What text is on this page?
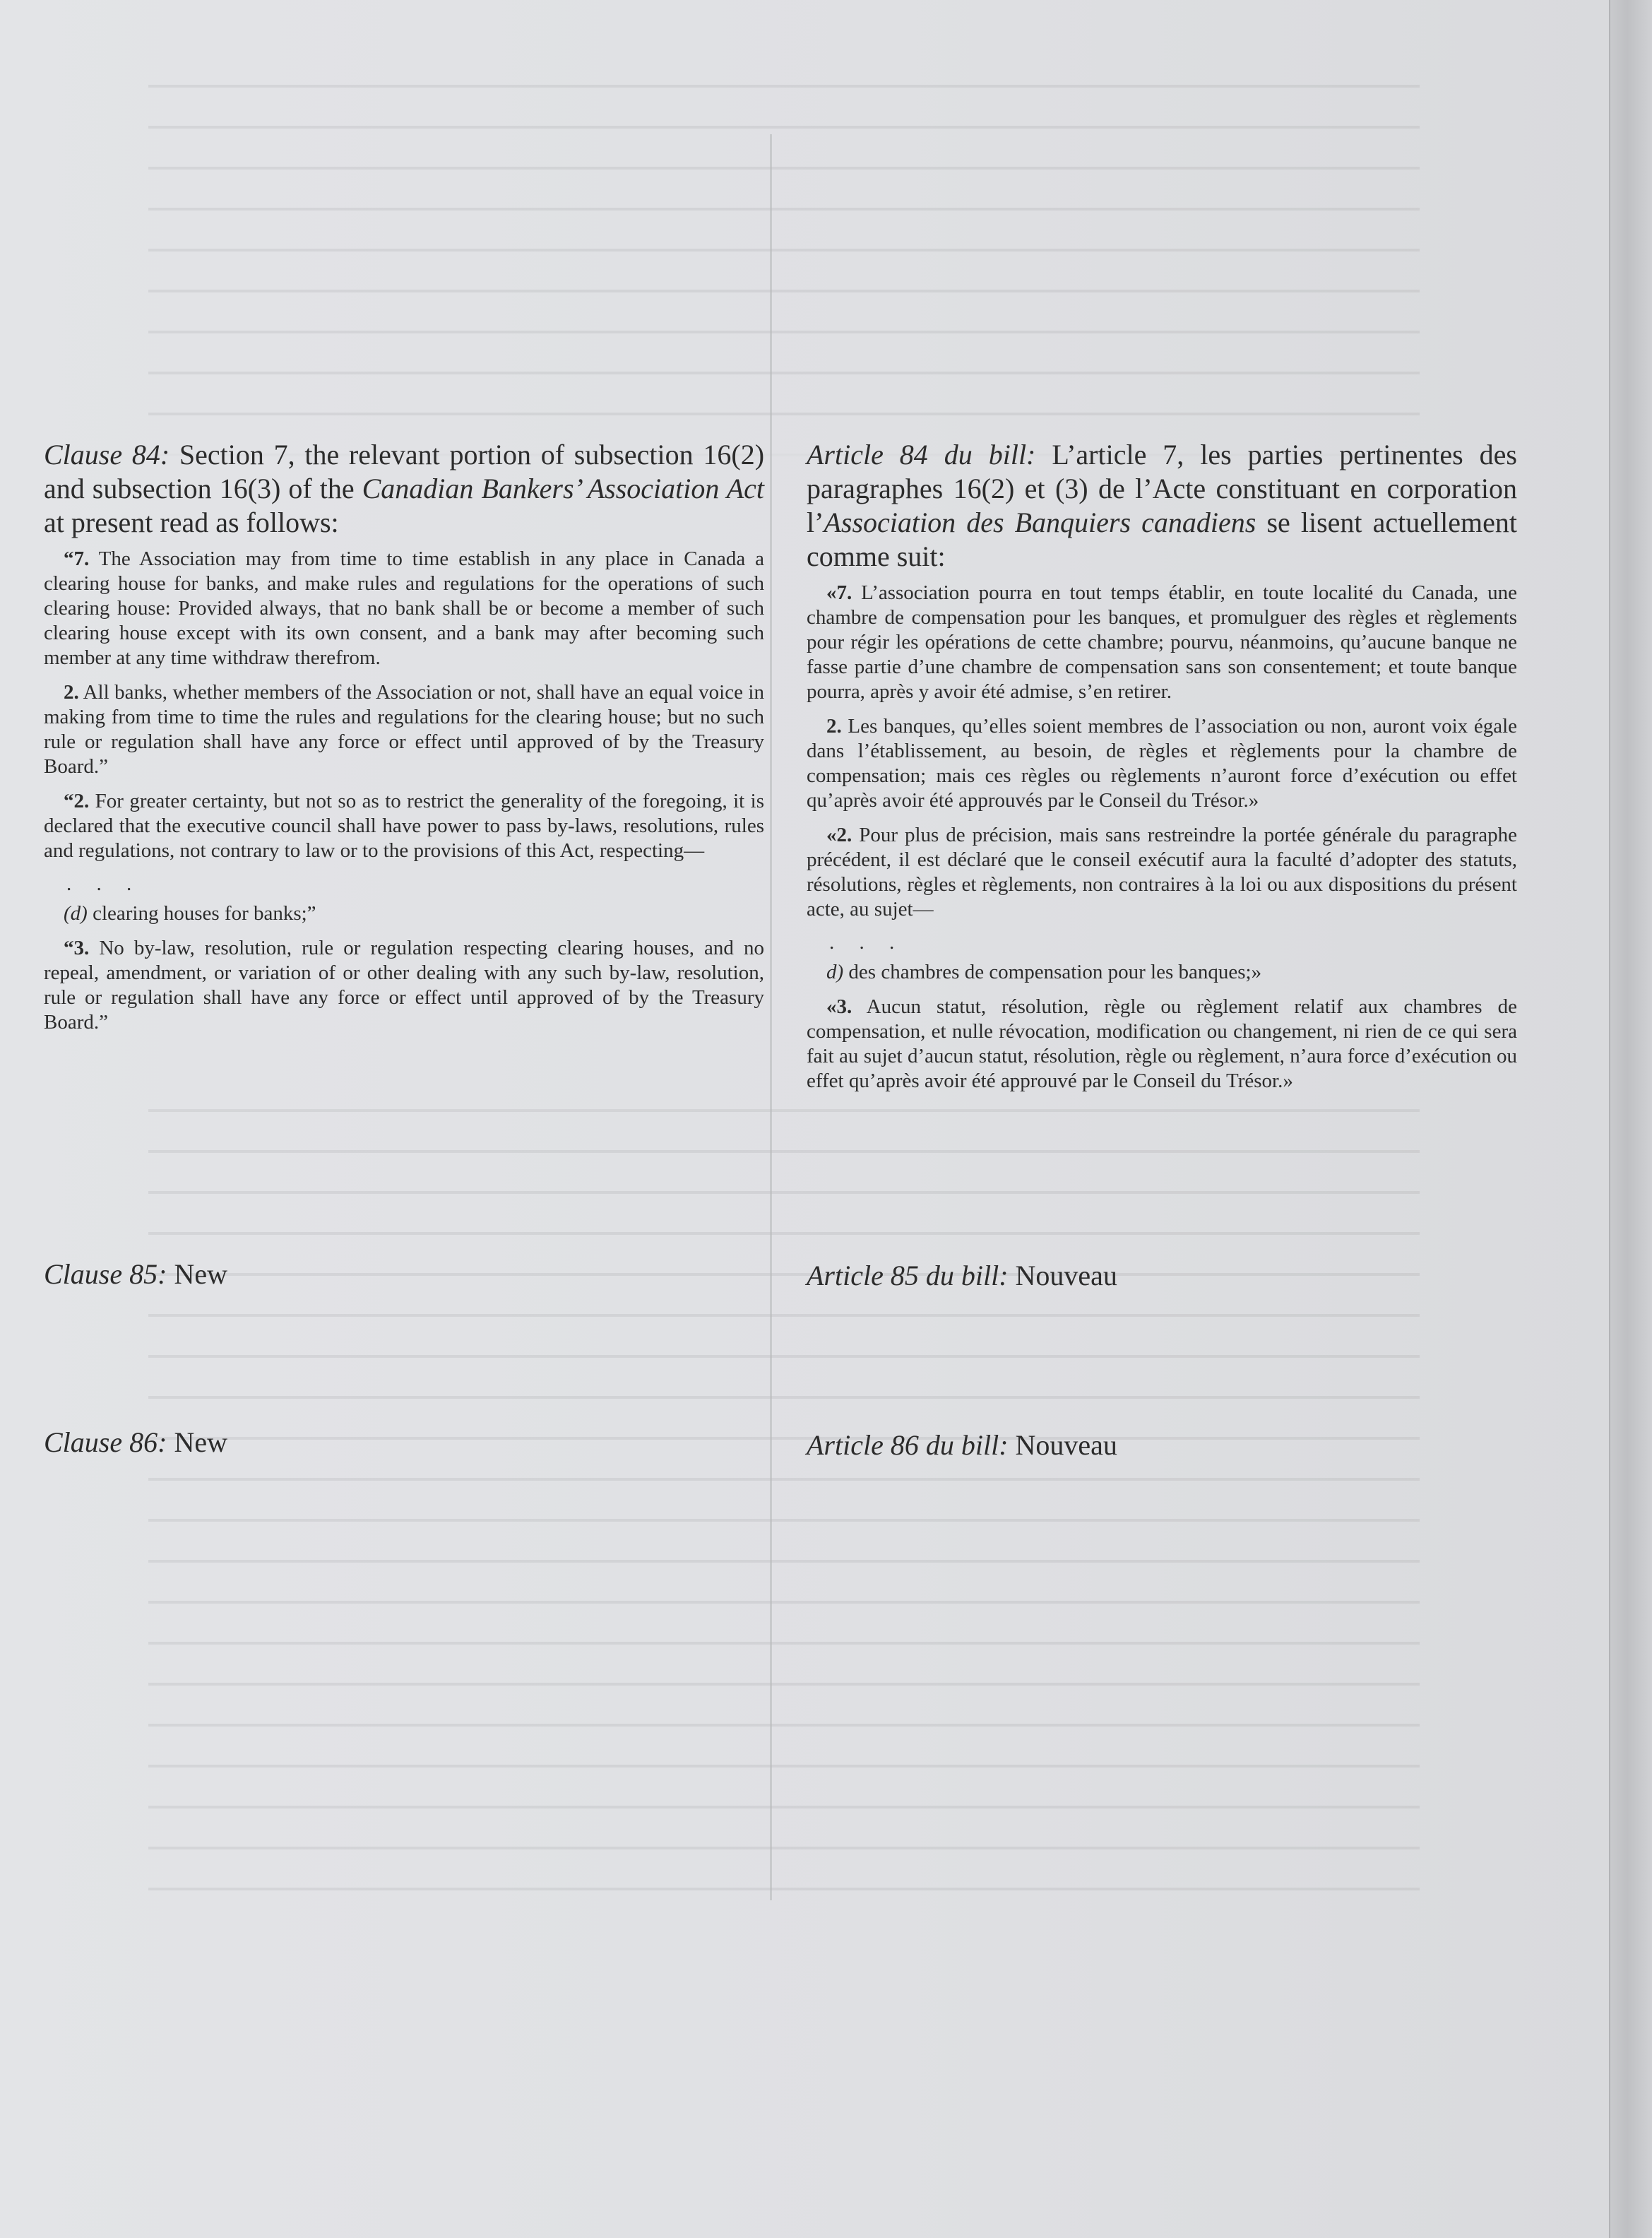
Clause 84: Section 7, the relevant portion of subsection 16(2) and subsection 16(3) of the Canadian Bankers’ Association Act at present read as follows:

“7. The Association may from time to time establish in any place in Canada a clearing house for banks, and make rules and regulations for the operations of such clearing house: Provided always, that no bank shall be or become a member of such clearing house except with its own consent, and a bank may after becoming such member at any time withdraw therefrom.

2. All banks, whether members of the Association or not, shall have an equal voice in making from time to time the rules and regulations for the clearing house; but no such rule or regulation shall have any force or effect until approved of by the Treasury Board.”

“2. For greater certainty, but not so as to restrict the generality of the foregoing, it is declared that the executive council shall have power to pass by-laws, resolutions, rules and regulations, not contrary to law or to the provisions of this Act, respecting—

. . .

(d) clearing houses for banks;”

“3. No by-law, resolution, rule or regulation respecting clearing houses, and no repeal, amendment, or variation of or other dealing with any such by-law, resolution, rule or regulation shall have any force or effect until approved of by the Treasury Board.”

Article 84 du bill: L’article 7, les parties pertinentes des paragraphes 16(2) et (3) de l’Acte constituant en corporation l’Association des Banquiers canadiens se lisent actuellement comme suit:

«7. L’association pourra en tout temps établir, en toute localité du Canada, une chambre de compensation pour les banques, et promulguer des règles et règlements pour régir les opérations de cette chambre; pourvu, néanmoins, qu’aucune banque ne fasse partie d’une chambre de compensation sans son consentement; et toute banque pourra, après y avoir été admise, s’en retirer.

2. Les banques, qu’elles soient membres de l’association ou non, auront voix égale dans l’établissement, au besoin, de règles et règlements pour la chambre de compensation; mais ces règles ou règlements n’auront force d’exécution ou effet qu’après avoir été approuvés par le Conseil du Trésor.»

«2. Pour plus de précision, mais sans restreindre la portée générale du paragraphe précédent, il est déclaré que le conseil exécutif aura la faculté d’adopter des statuts, résolutions, règles et règlements, non contraires à la loi ou aux dispositions du présent acte, au sujet—

. . .

d) des chambres de compensation pour les banques;»

«3. Aucun statut, résolution, règle ou règlement relatif aux chambres de compensation, et nulle révocation, modification ou changement, ni rien de ce qui sera fait au sujet d’aucun statut, résolution, règle ou règlement, n’aura force d’exécution ou effet qu’après avoir été approuvé par le Conseil du Trésor.»

Clause 85: New	Article 85 du bill: Nouveau
Clause 86: New	Article 86 du bill: Nouveau
